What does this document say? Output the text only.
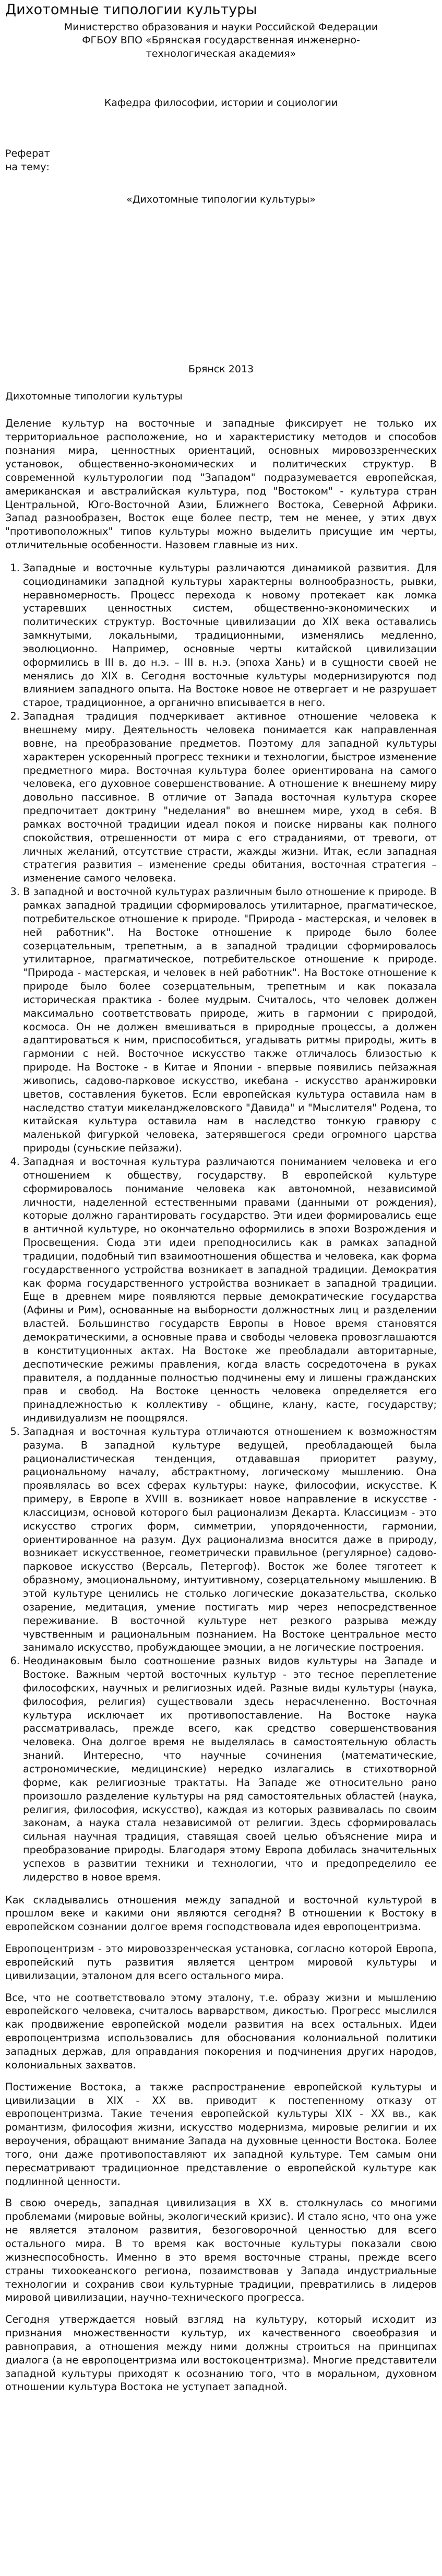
Дихотомные типологии культуры
Министерство образования и науки Российской Федерации
ФГБОУ ВПО «Брянская государственная инженерно-технологическая академия»
Кафедра философии, истории и социологии
Реферат
на тему:
«Дихотомные типологии культуры»
Брянск 2013
Дихотомные типологии культуры

Деление культур на восточные и западные фиксирует не только их территориальное расположение, но и характеристику методов и способов познания мира, ценностных ориентаций, основных мировоззренческих установок, общественно-экономических и политических структур. В современной культурологии под "Западом" подразумевается европейская, американская и австралийская культура, под "Востоком" - культура стран Центральной, Юго-Восточной Азии, Ближнего Востока, Северной Африки. Запад разнообразен, Восток еще более пестр, тем не менее, у этих двух "противоположных" типов культуры можно выделить присущие им черты, отличительные особенности. Назовем главные из них.

1. Западные и восточные культуры различаются динамикой развития. Для социодинамики западной культуры характерны волнообразность, рывки, неравномерность. Процесс перехода к новому протекает как ломка устаревших ценностных систем, общественно-экономических и политических структур. Восточные цивилизации до XIX века оставались замкнутыми, локальными, традиционными, изменялись медленно, эволюционно. Например, основные черты китайской цивилизации оформились в III в. до н.э. – III в. н.э. (эпоха Хань) и в сущности своей не менялись до XIX в. Сегодня восточные культуры модернизируются под влиянием западного опыта. На Востоке новое не отвергает и не разрушает старое, традиционное, а органично вписывается в него.
2. Западная традиция подчеркивает активное отношение человека к внешнему миру. Деятельность человека понимается как направленная вовне, на преобразование предметов. Поэтому для западной культуры характерен ускоренный прогресс техники и технологии, быстрое изменение предметного мира. Восточная культура более ориентирована на самого человека, его духовное совершенствование. А отношение к внешнему миру довольно пассивное. В отличие от Запада восточная культура скорее предпочитает доктрину "неделания" во внешнем мире, уход в себя. В рамках восточной традиции идеал покоя и поиске нирваны как полного спокойствия, отрешенности от мира с его страданиями, от тревоги, от личных желаний, отсутствие страсти, жажды жизни. Итак, если западная стратегия развития – изменение среды обитания, восточная стратегия – изменение самого человека.
3. В западной и восточной культурах различным было отношение к природе. В рамках западной традиции сформировалось утилитарное, прагматическое, потребительское отношение к природе. "Природа - мастерская, и человек в ней работник". На Востоке отношение к природе было более созерцательным, трепетным, а в западной традиции сформировалось утилитарное, прагматическое, потребительское отношение к природе. "Природа - мастерская, и человек в ней работник". На Востоке отношение к природе было более созерцательным, трепетным и как показала историческая практика - более мудрым. Считалось, что человек должен максимально соответствовать природе, жить в гармонии с природой, космоса. Он не должен вмешиваться в природные процессы, а должен адаптироваться к ним, приспособиться, угадывать ритмы природы, жить в гармонии с ней. Восточное искусство также отличалось близостью к природе. На Востоке - в Китае и Японии - впервые появились пейзажная живопись, садово-парковое искусство, икебана - искусство аранжировки цветов, составления букетов. Если европейская культура оставила нам в наследство статуи микеланджеловского "Давида" и "Мыслителя" Родена, то китайская культура оставила нам в наследство тонкую гравюру с маленькой фигуркой человека, затерявшегося среди огромного царства природы (суньские пейзажи).
4. Западная и восточная культура различаются пониманием человека и его отношением к обществу, государству. В европейской культуре сформировалось понимание человека как автономной, независимой личности, наделенной естественными правами (данными от рождения), которые должно гарантировать государство. Эти идеи формировались еще в античной культуре, но окончательно оформились в эпохи Возрождения и Просвещения. Сюда эти идеи преподносились как в рамках западной традиции, подобный тип взаимоотношения общества и человека, как форма государственного устройства возникает в западной традиции. Демократия как форма государственного устройства возникает в западной традиции. Еще в древнем мире появляются первые демократические государства (Афины и Рим), основанные на выборности должностных лиц и разделении властей. Большинство государств Европы в Новое время становятся демократическими, а основные права и свободы человека провозглашаются в конституционных актах. На Востоке же преобладали авторитарные, деспотические режимы правления, когда власть сосредоточена в руках правителя, а подданные полностью подчинены ему и лишены гражданских прав и свобод. На Востоке ценность человека определяется его принадлежностью к коллективу - общине, клану, касте, государству; индивидуализм не поощрялся.
5. Западная и восточная культура отличаются отношением к возможностям разума. В западной культуре ведущей, преобладающей была рационалистическая тенденция, отдававшая приоритет разуму, рациональному началу, абстрактному, логическому мышлению. Она проявлялась во всех сферах культуры: науке, философии, искусстве. К примеру, в Европе в XVIII в. возникает новое направление в искусстве - классицизм, основой которого был рационализм Декарта. Классицизм - это искусство строгих форм, симметрии, упорядоченности, гармонии, ориентированное на разум. Дух рационализма вносится даже в природу, возникает искусственное, геометрически правильное (регулярное) садово-парковое искусство (Версаль, Петергоф). Восток же более тяготеет к образному, эмоциональному, интуитивному, созерцательному мышлению. В этой культуре ценились не столько логические доказательства, сколько озарение, медитация, умение постигать мир через непосредственное переживание. В восточной культуре нет резкого разрыва между чувственным и рациональным познанием. На Востоке центральное место занимало искусство, пробуждающее эмоции, а не логические построения.
6. Неодинаковым было соотношение разных видов культуры на Западе и Востоке. Важным чертой восточных культур - это тесное переплетение философских, научных и религиозных идей. Разные виды культуры (наука, философия, религия) существовали здесь нерасчлененно. Восточная культура исключает их противопоставление. На Востоке наука рассматривалась, прежде всего, как средство совершенствования человека. Она долгое время не выделялась в самостоятельную область знаний. Интересно, что научные сочинения (математические, астрономические, медицинские) нередко излагались в стихотворной форме, как религиозные трактаты. На Западе же относительно рано произошло разделение культуры на ряд самостоятельных областей (наука, религия, философия, искусство), каждая из которых развивалась по своим законам, а наука стала независимой от религии. Здесь сформировалась сильная научная традиция, ставящая своей целью объяснение мира и преобразование природы. Благодаря этому Европа добилась значительных успехов в развитии техники и технологии, что и предопределило ее лидерство в новое время.

Как складывались отношения между западной и восточной культурой в прошлом веке и какими они являются сегодня? В отношении к Востоку в европейском сознании долгое время господствовала идея европоцентризма.

Европоцентризм - это мировоззренческая установка, согласно которой Европа, европейский путь развития является центром мировой культуры и цивилизации, эталоном для всего остального мира.

Все, что не соответствовало этому эталону, т.е. образу жизни и мышлению европейского человека, считалось варварством, дикостью. Прогресс мыслился как продвижение европейской модели развития на всех остальных. Идеи европоцентризма использовались для обоснования колониальной политики западных держав, для оправдания покорения и подчинения других народов, колониальных захватов.

Постижение Востока, а также распространение европейской культуры и цивилизации в XIX - XX вв. приводит к постепенному отказу от европоцентризма. Такие течения европейской культуры XIX - XX вв., как романтизм, философия жизни, искусство модернизма, мировые религии и их вероучения, обращают внимание Запада на духовные ценности Востока. Более того, они даже противопоставляют их западной культуре. Тем самым они пересматривают традиционное представление о европейской культуре как подлинной ценности.

В свою очередь, западная цивилизация в XX в. столкнулась со многими проблемами (мировые войны, экологический кризис). И стало ясно, что она уже не является эталоном развития, безоговорочной ценностью для всего остального мира. В то время как восточные культуры показали свою жизнеспособность. Именно в это время восточные страны, прежде всего страны тихоокеанского региона, позаимствовав у Запада индустриальные технологии и сохранив свои культурные традиции, превратились в лидеров мировой цивилизации, научно-технического прогресса.

Сегодня утверждается новый взгляд на культуру, который исходит из признания множественности культур, их качественного своеобразия и равноправия, а отношения между ними должны строиться на принципах диалога (а не европоцентризма или востокоцентризма). Многие представители западной культуры приходят к осознанию того, что в моральном, духовном отношении культура Востока не уступает западной.
